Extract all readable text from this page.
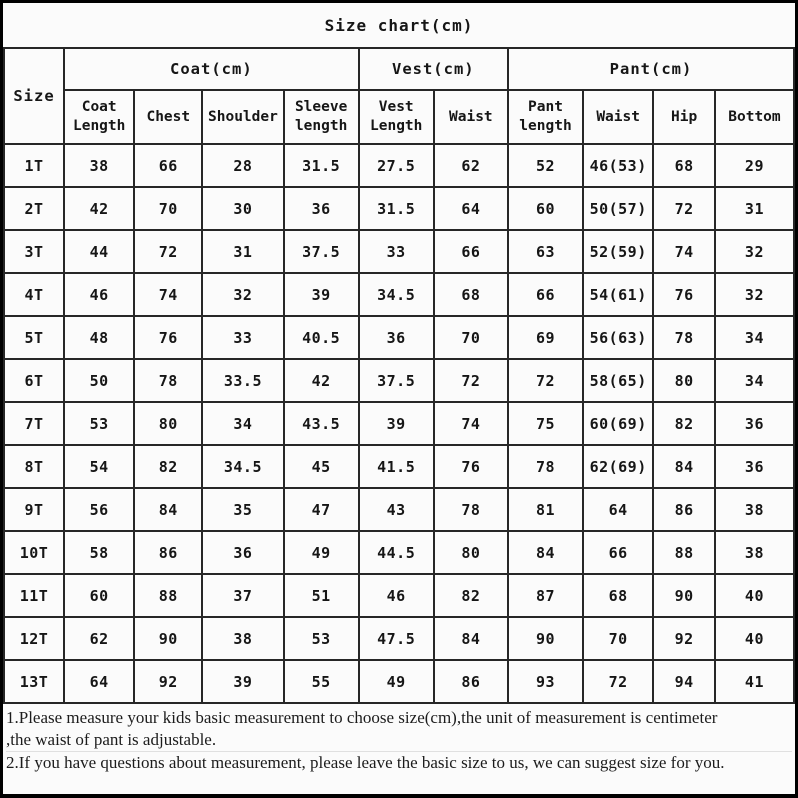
Size chart(cm)
Size	Coat(cm)				Vest(cm)		Pant(cm)			
	Coat Length	Chest	Shoulder	Sleeve length	Vest Length	Waist	Pant length	Waist	Hip	Bottom
1T	38	66	28	31.5	27.5	62	52	46(53)	68	29
2T	42	70	30	36	31.5	64	60	50(57)	72	31
3T	44	72	31	37.5	33	66	63	52(59)	74	32
4T	46	74	32	39	34.5	68	66	54(61)	76	32
5T	48	76	33	40.5	36	70	69	56(63)	78	34
6T	50	78	33.5	42	37.5	72	72	58(65)	80	34
7T	53	80	34	43.5	39	74	75	60(69)	82	36
8T	54	82	34.5	45	41.5	76	78	62(69)	84	36
9T	56	84	35	47	43	78	81	64	86	38
10T	58	86	36	49	44.5	80	84	66	88	38
11T	60	88	37	51	46	82	87	68	90	40
12T	62	90	38	53	47.5	84	90	70	92	40
13T	64	92	39	55	49	86	93	72	94	41
1.Please measure your kids basic measurement to choose size(cm),the unit of measurement is centimeter
,the waist of pant is adjustable.
2.If you have questions about measurement, please leave the basic size to us, we can suggest size for you.
